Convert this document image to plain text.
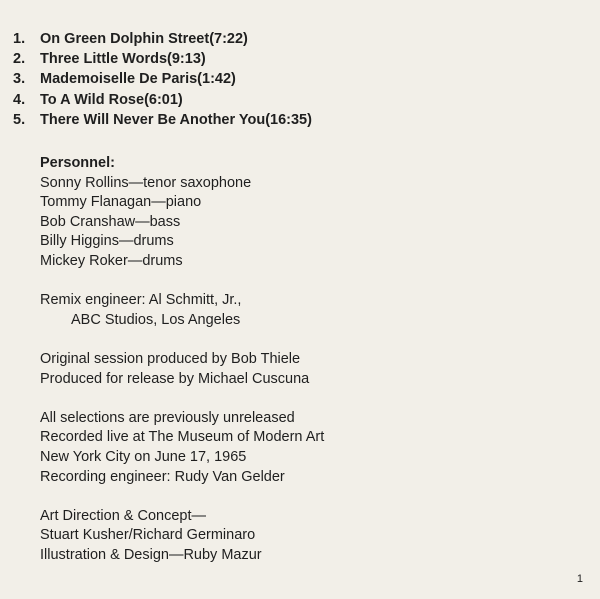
1.	On Green Dolphin Street (7:22)
2.	Three Little Words (9:13)
3.	Mademoiselle De Paris (1:42)
4.	To A Wild Rose (6:01)
5.	There Will Never Be Another You (16:35)
Personnel:
Sonny Rollins—tenor saxophone
Tommy Flanagan—piano
Bob Cranshaw—bass
Billy Higgins—drums
Mickey Roker—drums
Remix engineer: Al Schmitt, Jr.,
ABC Studios, Los Angeles
Original session produced by Bob Thiele
Produced for release by Michael Cuscuna
All selections are previously unreleased
Recorded live at The Museum of Modern Art
New York City on June 17, 1965
Recording engineer: Rudy Van Gelder
Art Direction & Concept—
Stuart Kusher/Richard Germinaro
Illustration & Design—Ruby Mazur
1
